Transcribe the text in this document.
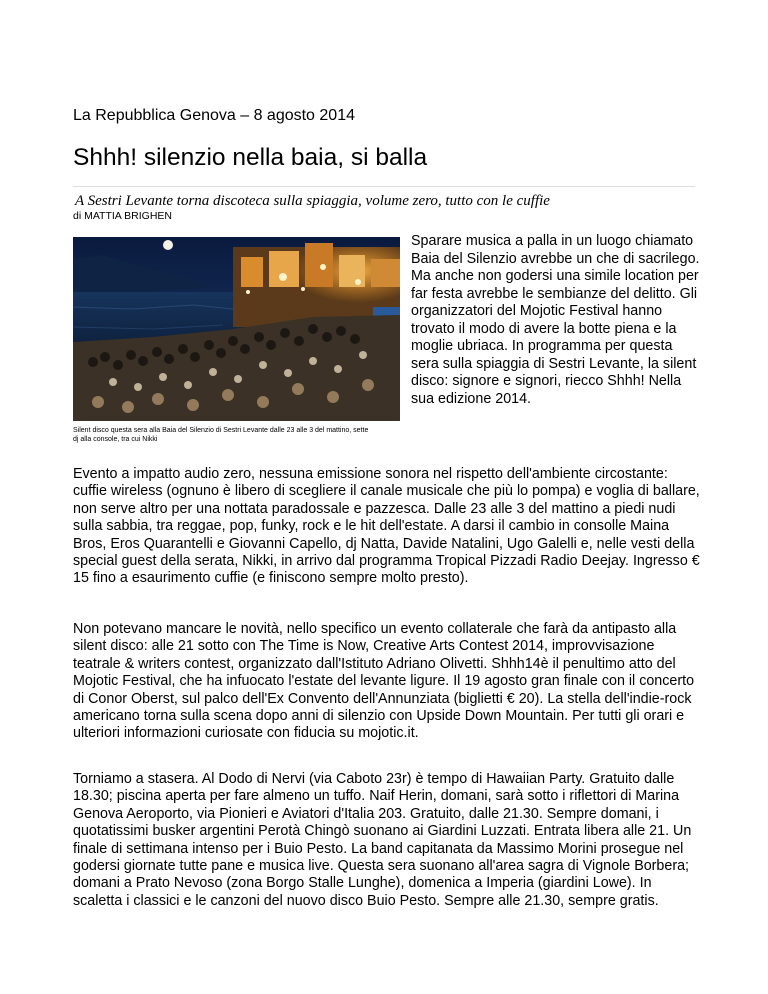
La Repubblica Genova – 8 agosto 2014
Shhh! silenzio nella baia, si balla
A Sestri Levante torna discoteca sulla spiaggia, volume zero, tutto con le cuffie
di MATTIA BRIGHEN
Silent disco questa sera alla Baia del Silenzio di Sestri Levante dalle 23 alle 3 del mattino, sette dj alla console, tra cui Nikki

Sparare musica a palla in un luogo chiamato Baia del Silenzio avrebbe un che di sacrilego. Ma anche non godersi una simile location per far festa avrebbe le sembianze del delitto. Gli organizzatori del Mojotic Festival hanno trovato il modo di avere la botte piena e la moglie ubriaca. In programma per questa sera sulla spiaggia di Sestri Levante, la silent disco: signore e signori, riecco Shhh! Nella sua edizione 2014.

Evento a impatto audio zero, nessuna emissione sonora nel rispetto dell'ambiente circostante: cuffie wireless (ognuno è libero di scegliere il canale musicale che più lo pompa) e voglia di ballare, non serve altro per una nottata paradossale e pazzesca. Dalle 23 alle 3 del mattino a piedi nudi sulla sabbia, tra reggae, pop, funky, rock e le hit dell'estate. A darsi il cambio in consolle Maina Bros, Eros Quarantelli e Giovanni Capello, dj Natta, Davide Natalini, Ugo Galelli e, nelle vesti della special guest della serata, Nikki, in arrivo dal programma Tropical Pizzadi Radio Deejay. Ingresso € 15 fino a esaurimento cuffie (e finiscono sempre molto presto).

Non potevano mancare le novità, nello specifico un evento collaterale che farà da antipasto alla silent disco: alle 21 sotto con The Time is Now, Creative Arts Contest 2014, improvvisazione teatrale & writers contest, organizzato dall'Istituto Adriano Olivetti. Shhh14è il penultimo atto del Mojotic Festival, che ha infuocato l'estate del levante ligure. Il 19 agosto gran finale con il concerto di Conor Oberst, sul palco dell'Ex Convento dell'Annunziata (biglietti € 20). La stella dell'indie-rock americano torna sulla scena dopo anni di silenzio con Upside Down Mountain. Per tutti gli orari e ulteriori informazioni curiosate con fiducia su mojotic.it.

Torniamo a stasera. Al Dodo di Nervi (via Caboto 23r) è tempo di Hawaiian Party. Gratuito dalle 18.30; piscina aperta per fare almeno un tuffo. Naif Herin, domani, sarà sotto i riflettori di Marina Genova Aeroporto, via Pionieri e Aviatori d'Italia 203. Gratuito, dalle 21.30. Sempre domani, i quotatissimi busker argentini Perotà Chingò suonano ai Giardini Luzzati. Entrata libera alle 21. Un finale di settimana intenso per i Buio Pesto. La band capitanata da Massimo Morini prosegue nel godersi giornate tutte pane e musica live. Questa sera suonano all'area sagra di Vignole Borbera; domani a Prato Nevoso (zona Borgo Stalle Lunghe), domenica a Imperia (giardini Lowe). In scaletta i classici e le canzoni del nuovo disco Buio Pesto. Sempre alle 21.30, sempre gratis.
